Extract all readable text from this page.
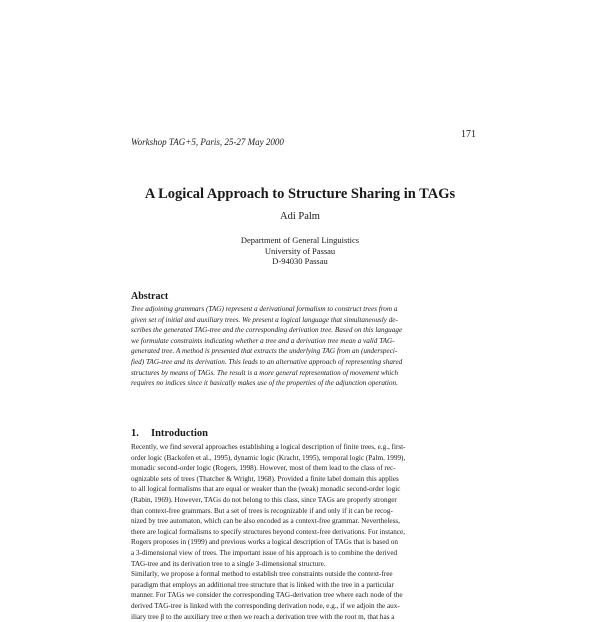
171
Workshop TAG+5, Paris, 25-27 May 2000
A Logical Approach to Structure Sharing in TAGs
Adi Palm
Department of General Linguistics
University of Passau
D-94030 Passau
Abstract
Tree adjoining grammars (TAG) represent a derivational formalism to construct trees from a
given set of initial and auxiliary trees. We present a logical language that simultaneously de-
scribes the generated TAG-tree and the corresponding derivation tree. Based on this language
we formulate constraints indicating whether a tree and a derivation tree mean a valid TAG-
generated tree. A method is presented that extracts the underlying TAG from an (underspeci-
fied) TAG-tree and its derivation. This leads to an alternative approach of representing shared
structures by means of TAGs. The result is a more general representation of movement which
requires no indices since it basically makes use of the properties of the adjunction operation.
1. Introduction
Recently, we find several approaches establishing a logical description of finite trees, e.g., first-
order logic (Backofen et al., 1995), dynamic logic (Kracht, 1995), temporal logic (Palm, 1999),
monadic second-order logic (Rogers, 1998). However, most of them lead to the class of rec-
ognizable sets of trees (Thatcher & Wright, 1968). Provided a finite label domain this applies
to all logical formalisms that are equal or weaker than the (weak) monadic second-order logic
(Rabin, 1969). However, TAGs do not belong to this class, since TAGs are properly stronger
than context-free grammars. But a set of trees is recognizable if and only if it can be recog-
nized by tree automaton, which can be also encoded as a context-free grammar. Nevertheless,
there are logical formalisms to specify structures beyond context-free derivations. For instance,
Rogers proposes in (1999) and previous works a logical description of TAGs that is based on
a 3-dimensional view of trees. The important issue of his approach is to combine the derived
TAG-tree and its derivation tree to a single 3-dimensional structure.
Similarly, we propose a formal method to establish tree constraints outside the context-free
paradigm that employs an additional tree structure that is linked with the tree in a particular
manner. For TAGs we consider the corresponding TAG-derivation tree where each node of the
derived TAG-tree is linked with the corresponding derivation node, e.g., if we adjoin the aux-
iliary tree β to the auxiliary tree α then we reach a derivation tree with the root m, that has a
